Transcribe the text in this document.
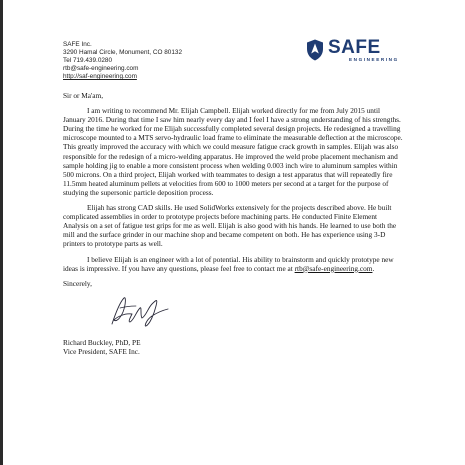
SAFE Inc.
3290 Hamal Circle, Monument, CO 80132
Tel 719.439.0280
rtb@safe-engineering.com
http://saf-engineering.com
SAFE
ENGINEERING

Sir or Ma'am,

I am writing to recommend Mr. Elijah Campbell. Elijah worked directly for me from July 2015 until January 2016. During that time I saw him nearly every day and I feel I have a strong understanding of his strengths. During the time he worked for me Elijah successfully completed several design projects. He redesigned a travelling microscope mounted to a MTS servo-hydraulic load frame to eliminate the measurable deflection at the microscope. This greatly improved the accuracy with which we could measure fatigue crack growth in samples. Elijah was also responsible for the redesign of a micro-welding apparatus. He improved the weld probe placement mechanism and sample holding jig to enable a more consistent process when welding 0.003 inch wire to aluminum samples within 500 microns. On a third project, Elijah worked with teammates to design a test apparatus that will repeatedly fire 11.5mm heated aluminum pellets at velocities from 600 to 1000 meters per second at a target for the purpose of studying the supersonic particle deposition process.

Elijah has strong CAD skills. He used SolidWorks extensively for the projects described above. He built complicated assemblies in order to prototype projects before machining parts. He conducted Finite Element Analysis on a set of fatigue test grips for me as well. Elijah is also good with his hands. He learned to use both the mill and the surface grinder in our machine shop and became competent on both. He has experience using 3-D printers to prototype parts as well.

I believe Elijah is an engineer with a lot of potential. His ability to brainstorm and quickly prototype new ideas is impressive. If you have any questions, please feel free to contact me at rtb@safe-engineering.com.

Sincerely,

Richard Buckley, PhD, PE
Vice President, SAFE Inc.
